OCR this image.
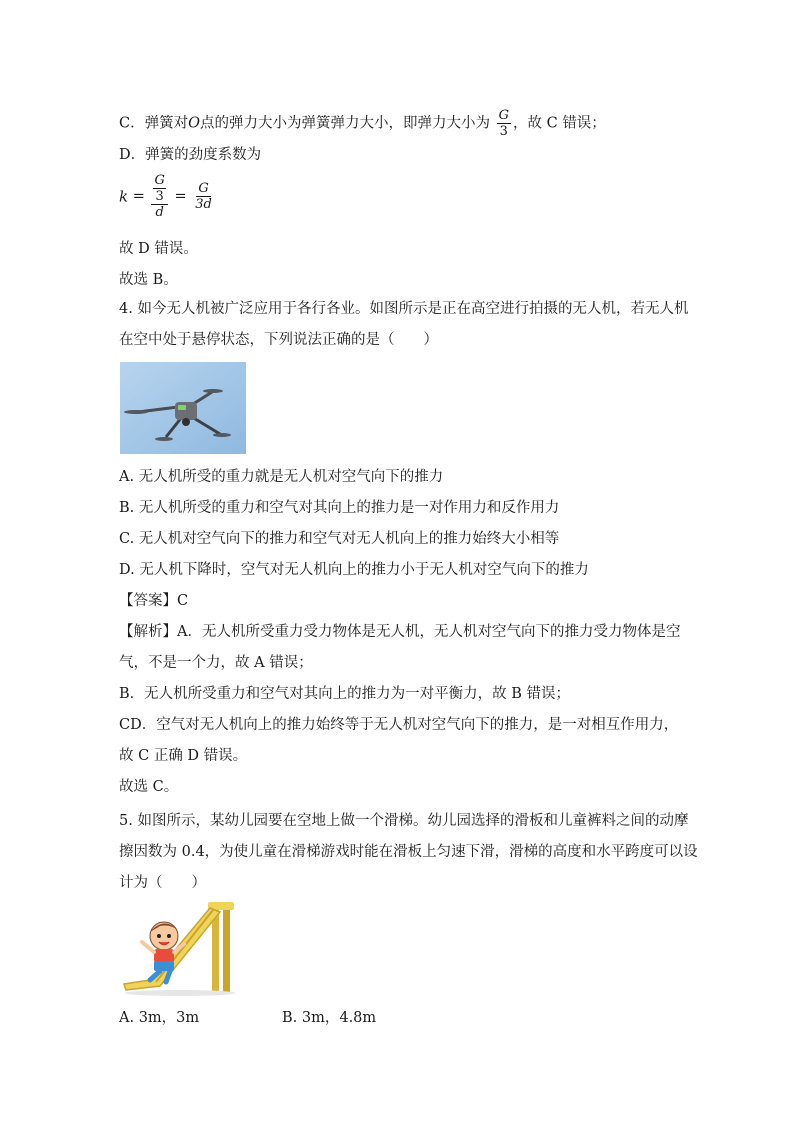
C．弹簧对O点的弹力大小为弹簧弹力大小，即弹力大小为 $\frac{G}{3}$ ，故 C 错误；
D．弹簧的劲度系数为
k = G
3
$d = \frac{G}{3d}$
故 D 错误。
故选 B。
4. 如今无人机被广泛应用于各行各业。如图所示是正在高空进行拍摄的无人机，若无人机
在空中处于悬停状态，下列说法正确的是（　　）
A. 无人机所受的重力就是无人机对空气向下的推力
B. 无人机所受的重力和空气对其向上的推力是一对作用力和反作用力
C. 无人机对空气向下的推力和空气对无人机向上的推力始终大小相等
D. 无人机下降时，空气对无人机向上的推力小于无人机对空气向下的推力
【答案】C
【解析】A．无人机所受重力受力物体是无人机，无人机对空气向下的推力受力物体是空
气，不是一个力，故 A 错误；
B．无人机所受重力和空气对其向上的推力为一对平衡力，故 B 错误；
CD．空气对无人机向上的推力始终等于无人机对空气向下的推力，是一对相互作用力，
故 C 正确 D 错误。
故选 C。
5. 如图所示，某幼儿园要在空地上做一个滑梯。幼儿园选择的滑板和儿童裤料之间的动摩
擦因数为 0.4，为使儿童在滑梯游戏时能在滑板上匀速下滑，滑梯的高度和水平跨度可以设
计为（　　）
A. 3m，3m	B. 3m，4.8m
